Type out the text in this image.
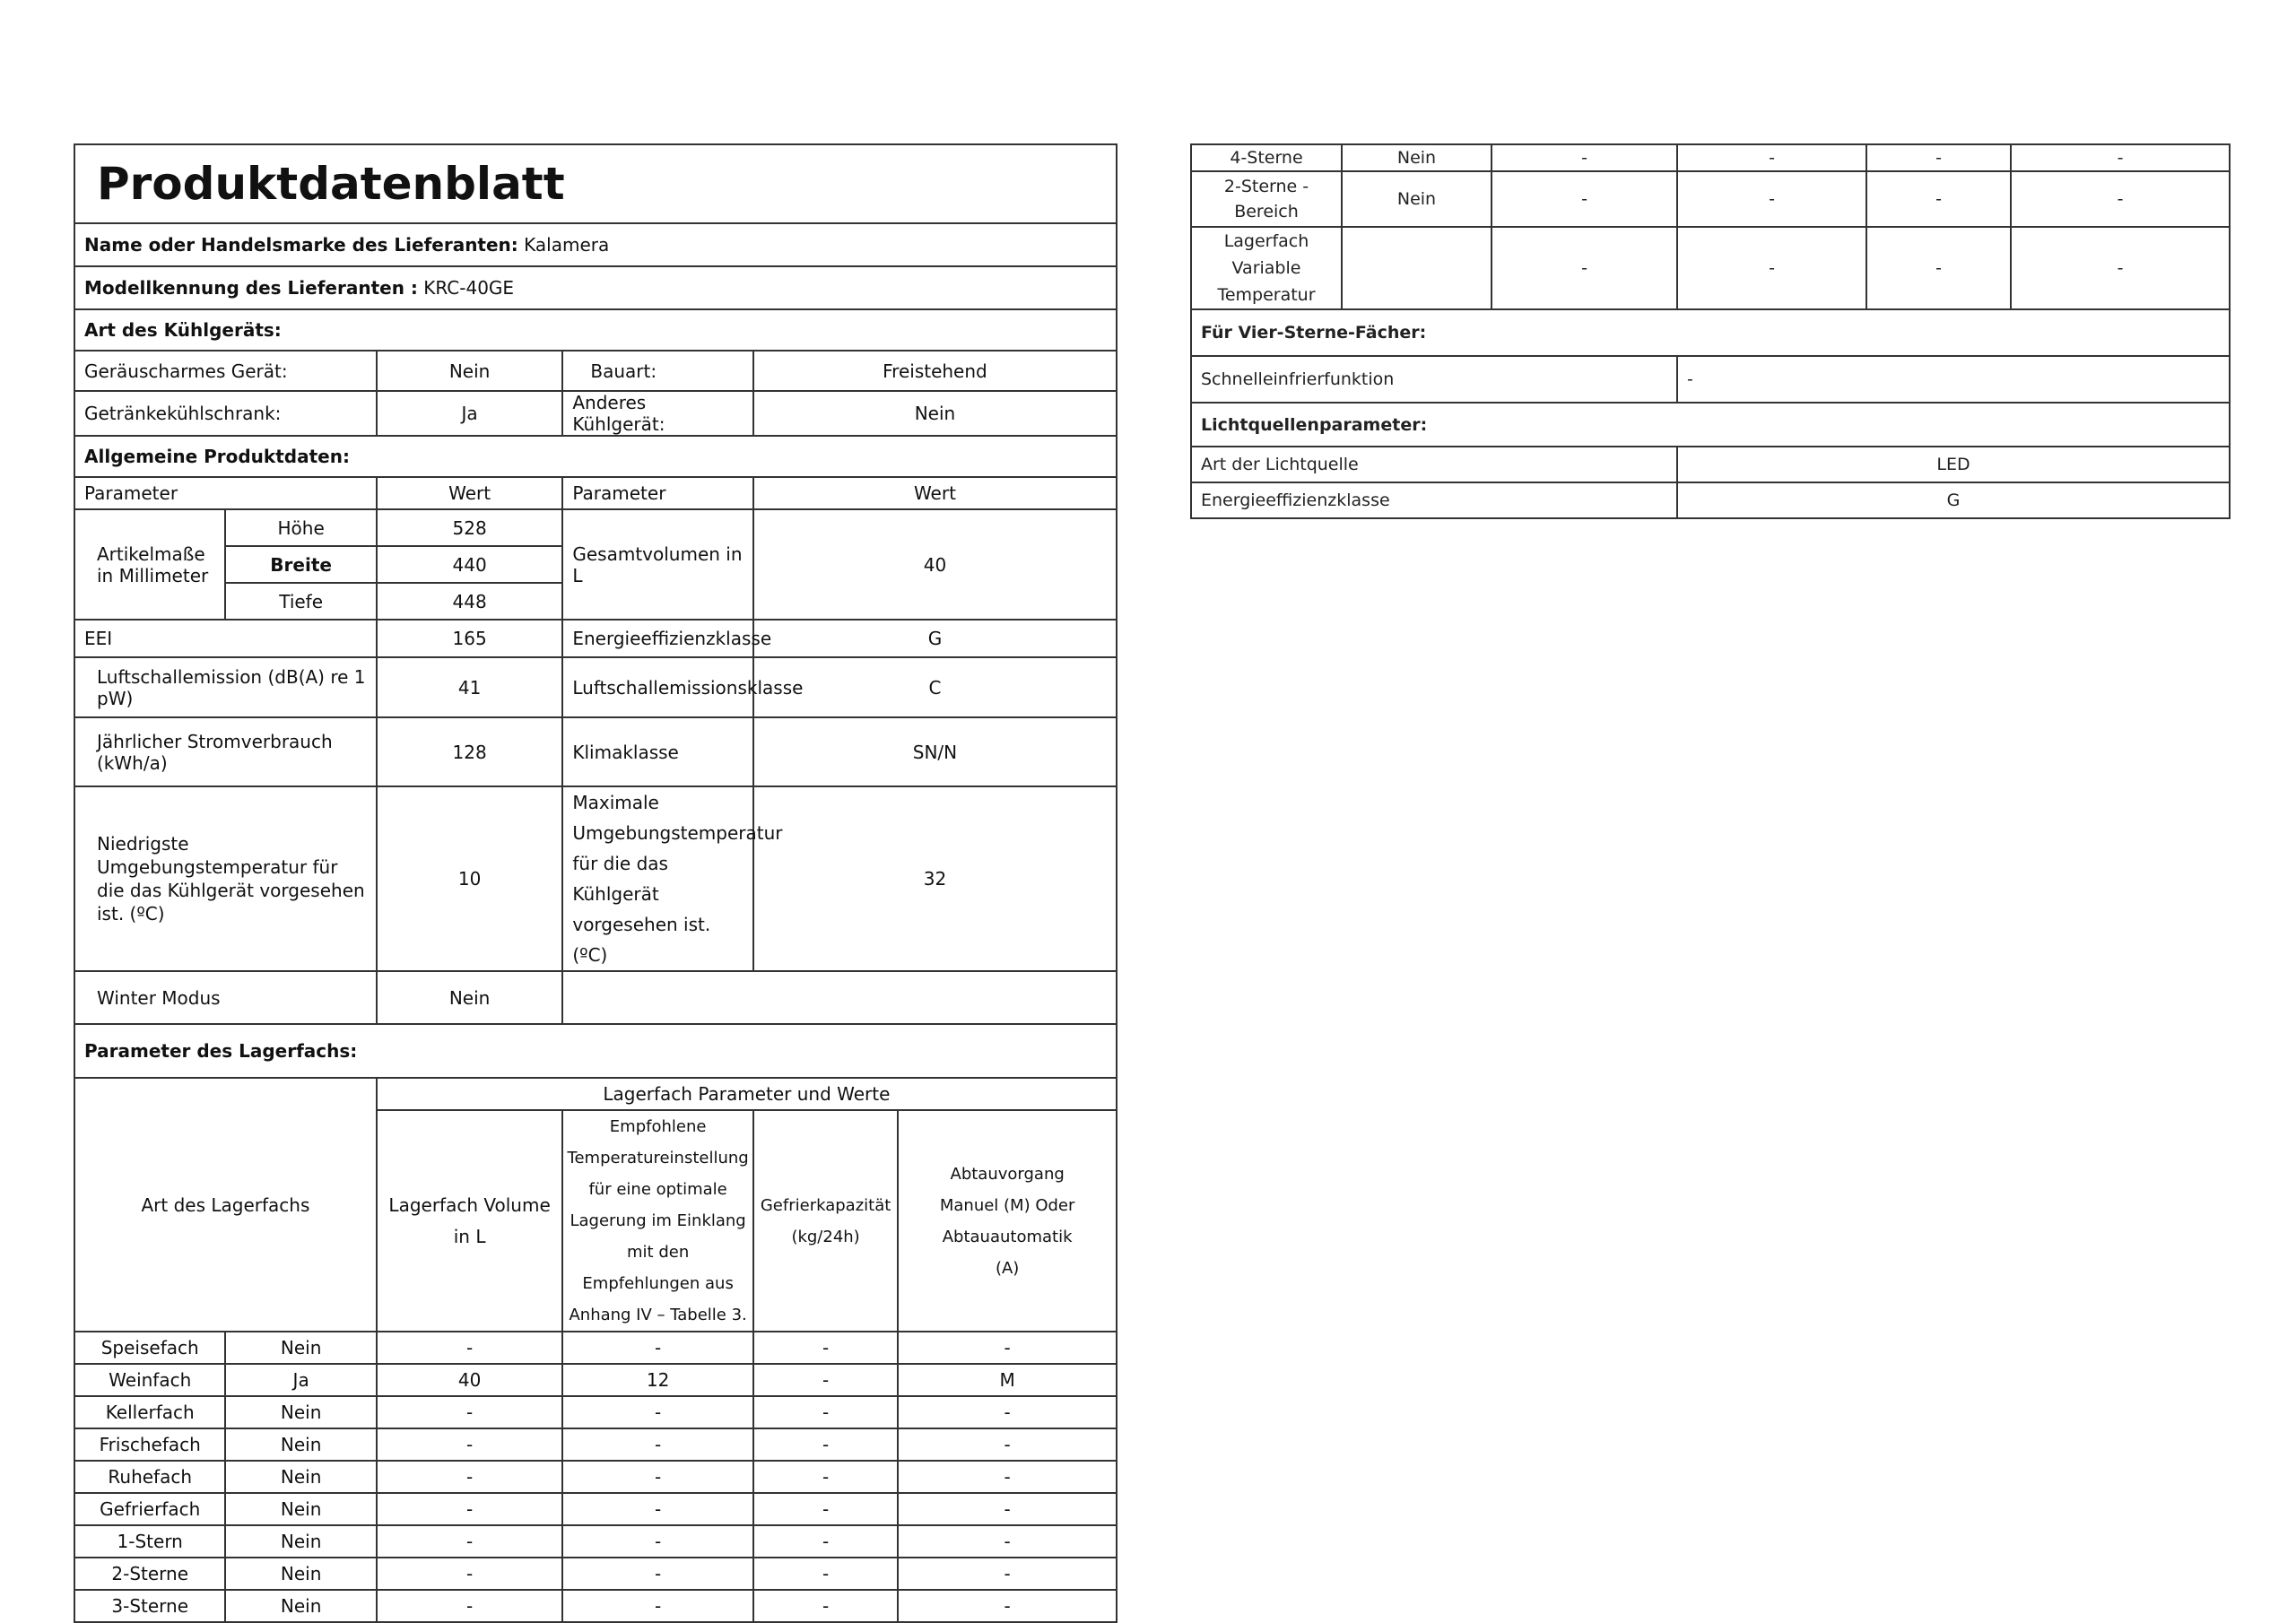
Produktdatenblatt					
Name oder Handelsmarke des Lieferanten: Kalamera					
Modellkennung des Lieferanten : KRC-40GE					
Art des Kühlgeräts:					
Geräuscharmes Gerät:		Nein	Bauart:	Freistehend	
Getränkekühlschrank:		Ja	Anderes Kühlgerät:	Nein	
Allgemeine Produktdaten:					
Parameter		Wert	Parameter	Wert	
Artikelmaße in Millimeter	Höhe	528	Gesamtvolumen in L	40	
	Breite	440			
	Tiefe	448			
EEI		165	Energieeffizienzklasse	G	
Luftschallemission (dB(A) re 1 pW)		41	Luftschallemissionsklasse	C	
Jährlicher Stromverbrauch (kWh/a)		128	Klimaklasse	SN/N	
Niedrigste Umgebungstemperatur für die das Kühlgerät vorgesehen ist. (ºC)		10	Maximale Umgebungstemperatur für die das Kühlgerät vorgesehen ist. (ºC)	32	
Winter Modus		Nein			
Parameter des Lagerfachs:					
Art des Lagerfachs		Lagerfach Parameter und Werte			
		Lagerfach Volume in L	Empfohlene Temperatureinstellung für eine optimale Lagerung im Einklang mit den Empfehlungen aus Anhang IV – Tabelle 3.	Gefrierkapazität (kg/24h)	Abtauvorgang Manuel (M) Oder Abtauautomatik (A)
Speisefach	Nein	-	-	-	-
Weinfach	Ja	40	12	-	M
Kellerfach	Nein	-	-	-	-
Frischefach	Nein	-	-	-	-
Ruhefach	Nein	-	-	-	-
Gefrierfach	Nein	-	-	-	-
1-Stern	Nein	-	-	-	-
2-Sterne	Nein	-	-	-	-
3-Sterne	Nein	-	-	-	-
4-Sterne	Nein	-	-	-	-
2-Sterne - Bereich	Nein	-	-	-	-
Lagerfach Variable Temperatur		-	-	-	-
Für Vier-Sterne-Fächer:					
Schnelleinfrierfunktion			-		
Lichtquellenparameter:					
Art der Lichtquelle			LED		
Energieeffizienzklasse			G		
